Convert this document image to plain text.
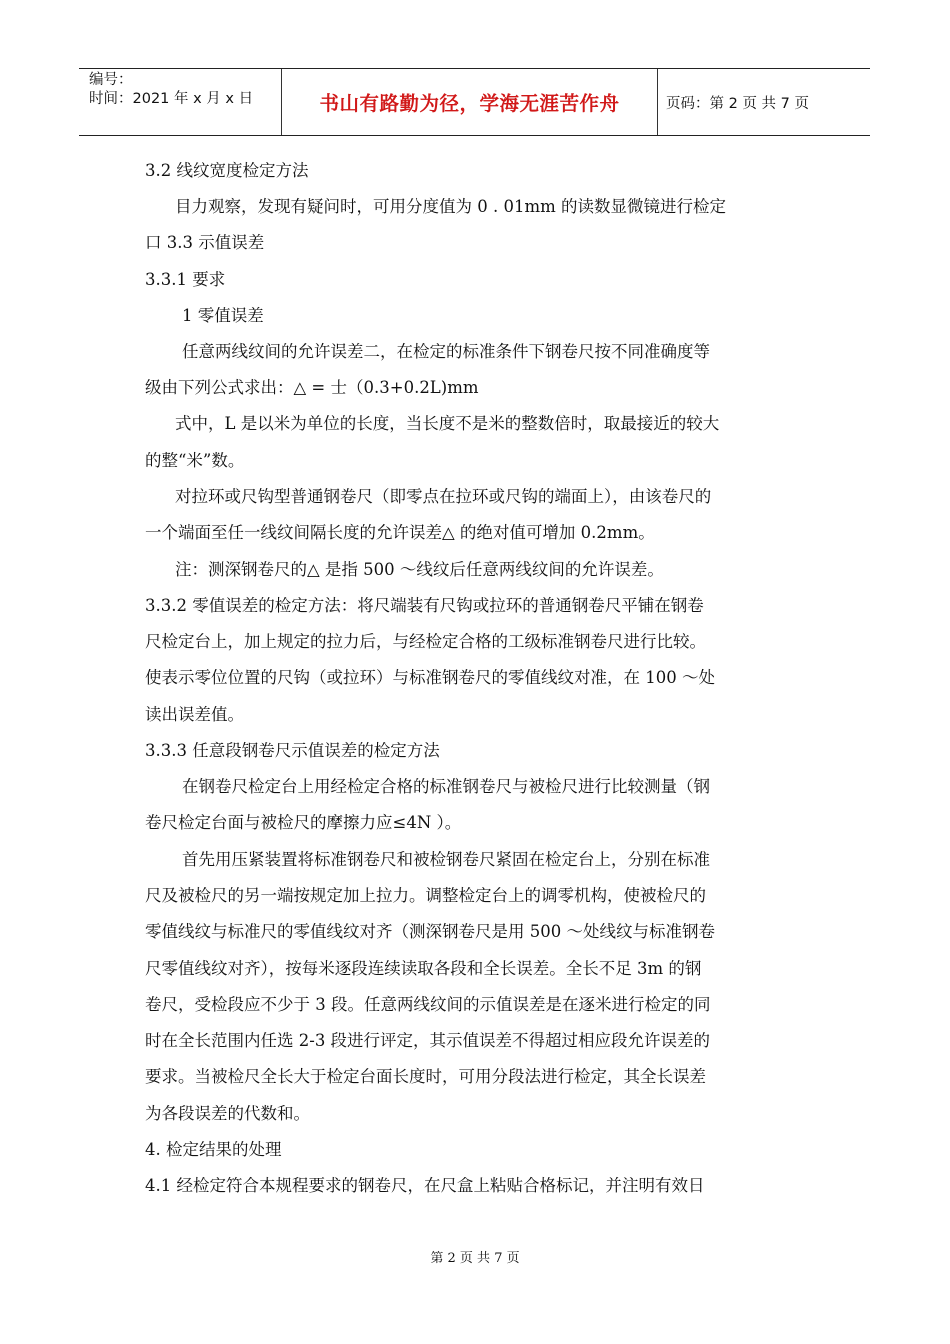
编号：
时间：2021 年 x 月 x 日	书山有路勤为径，学海无涯苦作舟	页码：第 2 页 共 7 页
3.2 线纹宽度检定方法
目力观察，发现有疑问时，可用分度值为 0 . 01mm 的读数显微镜进行检定
口 3.3 示值误差
3.3.1 要求
1 零值误差
任意两线纹间的允许误差二，在检定的标准条件下钢卷尺按不同准确度等
级由下列公式求出：△ = 士（0.3+0.2L)mm
式中，L 是以米为单位的长度，当长度不是米的整数倍时，取最接近的较大
的整“米”数。
对拉环或尺钩型普通钢卷尺（即零点在拉环或尺钩的端面上），由该卷尺的
一个端面至任一线纹间隔长度的允许误差△ 的绝对值可增加 0.2mm。
注：测深钢卷尺的△ 是指 500 ～线纹后任意两线纹间的允许误差。
3.3.2 零值误差的检定方法：将尺端装有尺钩或拉环的普通钢卷尺平铺在钢卷
尺检定台上，加上规定的拉力后，与经检定合格的工级标准钢卷尺进行比较。
使表示零位位置的尺钩（或拉环）与标准钢卷尺的零值线纹对准，在 100 ～处
读出误差值。
3.3.3 任意段钢卷尺示值误差的检定方法
在钢卷尺检定台上用经检定合格的标准钢卷尺与被检尺进行比较测量（钢
卷尺检定台面与被检尺的摩擦力应≤4N ）。
首先用压紧装置将标准钢卷尺和被检钢卷尺紧固在检定台上，分别在标准
尺及被检尺的另一端按规定加上拉力。调整检定台上的调零机构，使被检尺的
零值线纹与标准尺的零值线纹对齐（测深钢卷尺是用 500 ～处线纹与标准钢卷
尺零值线纹对齐），按每米逐段连续读取各段和全长误差。全长不足 3m 的钢
卷尺，受检段应不少于 3 段。任意两线纹间的示值误差是在逐米进行检定的同
时在全长范围内任选 2-3 段进行评定，其示值误差不得超过相应段允许误差的
要求。当被检尺全长大于检定台面长度时，可用分段法进行检定，其全长误差
为各段误差的代数和。
4. 检定结果的处理
4.1 经检定符合本规程要求的钢卷尺，在尺盒上粘贴合格标记，并注明有效日
第 2 页 共 7 页
